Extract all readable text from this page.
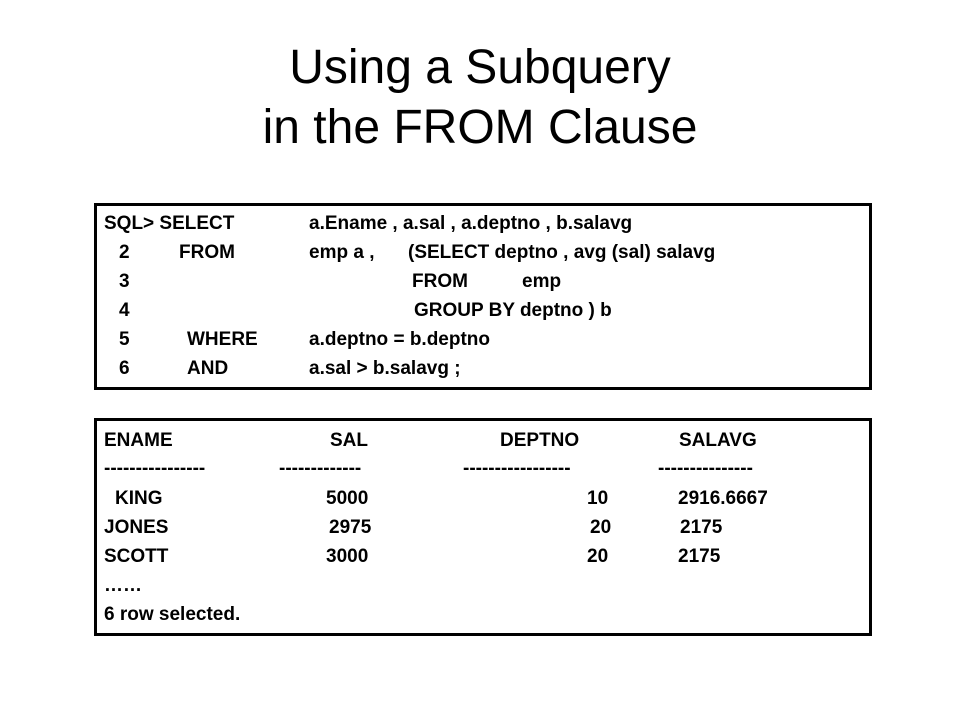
Using a Subquery
in the FROM Clause
SQL> SELECT	a.Ename , a.sal , a.deptno , b.salavg
2	FROM	emp a , (SELECT deptno , avg (sal) salavg
3	FROM	emp
4	GROUP BY deptno ) b
5	WHERE	a.deptno = b.deptno
6	AND	a.sal > b.salavg ;
ENAME	SAL	DEPTNO	SALAVG
----------------	-------------	-----------------	---------------
KING	5000	10	2916.6667
JONES	2975	20	2175
SCOTT	3000	20	2175
……
6 row selected.
